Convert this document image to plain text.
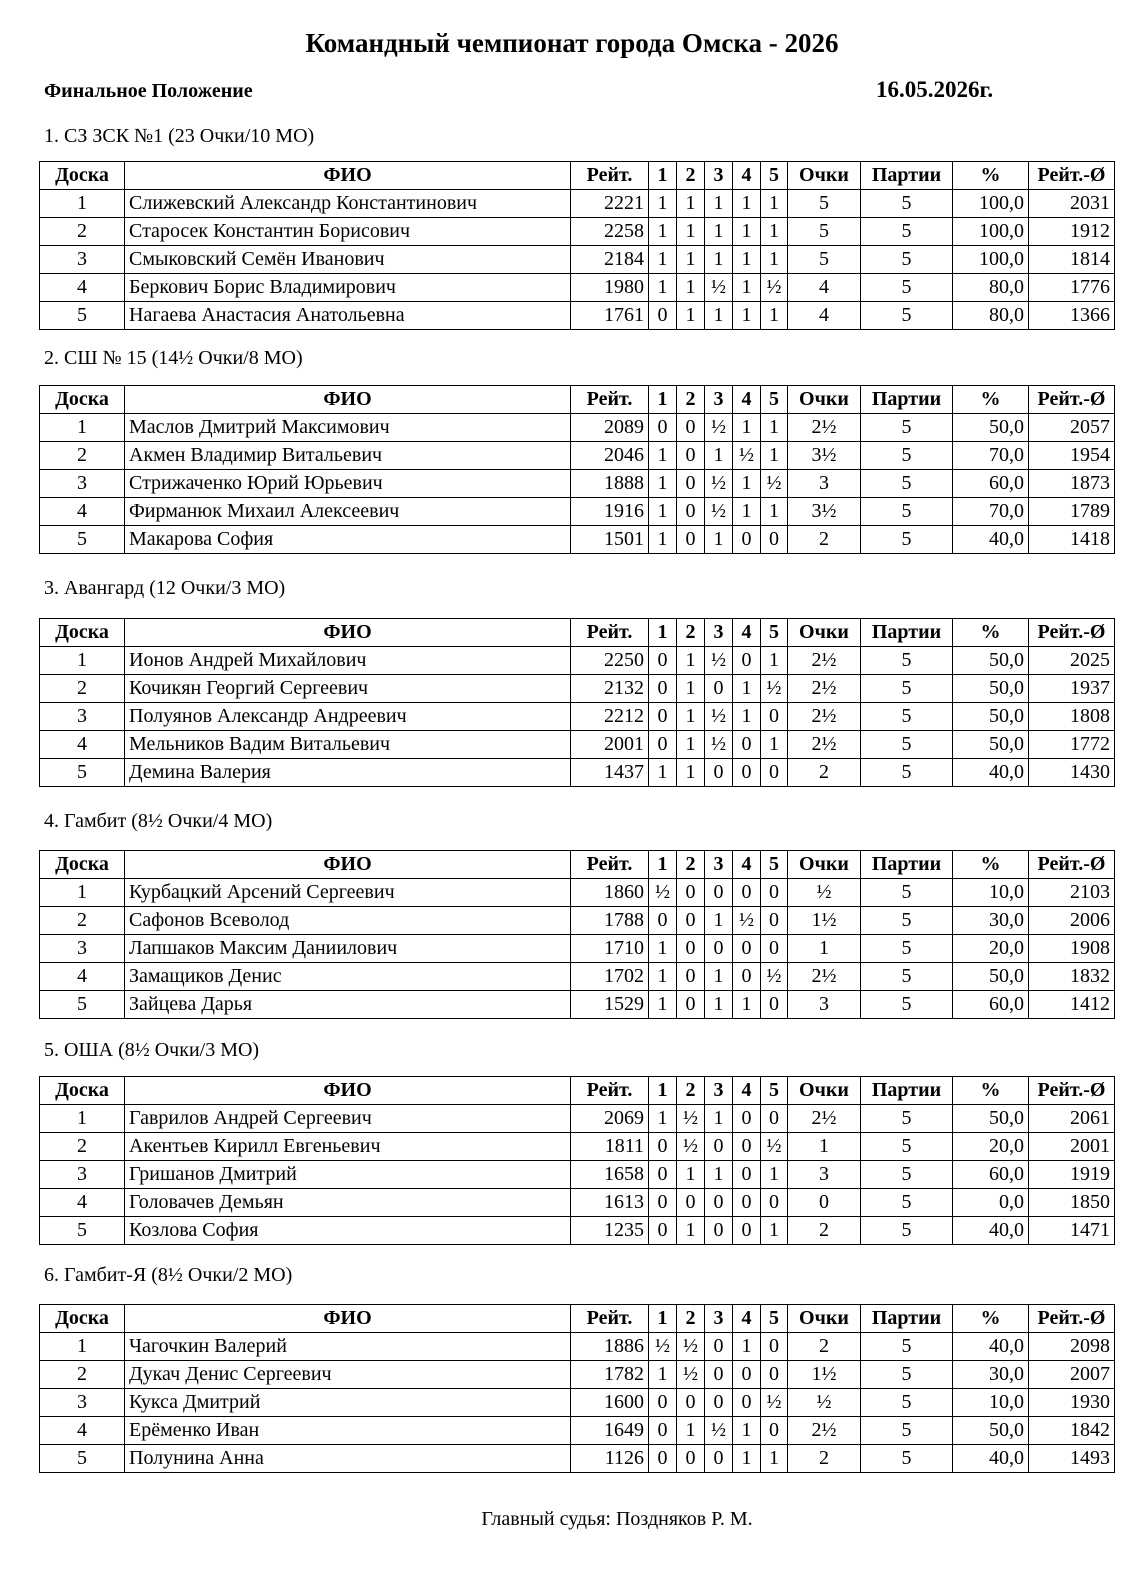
Командный чемпионат города Омска - 2026
Финальное Положение	16.05.2026г.
1. СЗ ЗСК №1 (23 Очки/10 МО)
Доска	ФИО	Рейт.	1	2	3	4	5	Очки	Партии	%	Рейт.-Ø
1	Слижевский Александр Константинович	2221	1	1	1	1	1	5	5	100,0	2031
2	Старосек Константин Борисович	2258	1	1	1	1	1	5	5	100,0	1912
3	Смыковский Семён Иванович	2184	1	1	1	1	1	5	5	100,0	1814
4	Беркович Борис Владимирович	1980	1	1	½	1	½	4	5	80,0	1776
5	Нагаева Анастасия Анатольевна	1761	0	1	1	1	1	4	5	80,0	1366
2. СШ № 15 (14½ Очки/8 МО)
Доска	ФИО	Рейт.	1	2	3	4	5	Очки	Партии	%	Рейт.-Ø
1	Маслов Дмитрий Максимович	2089	0	0	½	1	1	2½	5	50,0	2057
2	Акмен Владимир Витальевич	2046	1	0	1	½	1	3½	5	70,0	1954
3	Стрижаченко Юрий Юрьевич	1888	1	0	½	1	½	3	5	60,0	1873
4	Фирманюк Михаил Алексеевич	1916	1	0	½	1	1	3½	5	70,0	1789
5	Макарова София	1501	1	0	1	0	0	2	5	40,0	1418
3. Авангард (12 Очки/3 МО)
Доска	ФИО	Рейт.	1	2	3	4	5	Очки	Партии	%	Рейт.-Ø
1	Ионов Андрей Михайлович	2250	0	1	½	0	1	2½	5	50,0	2025
2	Кочикян Георгий Сергеевич	2132	0	1	0	1	½	2½	5	50,0	1937
3	Полуянов Александр Андреевич	2212	0	1	½	1	0	2½	5	50,0	1808
4	Мельников Вадим Витальевич	2001	0	1	½	0	1	2½	5	50,0	1772
5	Демина Валерия	1437	1	1	0	0	0	2	5	40,0	1430
4. Гамбит (8½ Очки/4 МО)
Доска	ФИО	Рейт.	1	2	3	4	5	Очки	Партии	%	Рейт.-Ø
1	Курбацкий Арсений Сергеевич	1860	½	0	0	0	0	½	5	10,0	2103
2	Сафонов Всеволод	1788	0	0	1	½	0	1½	5	30,0	2006
3	Лапшаков Максим Даниилович	1710	1	0	0	0	0	1	5	20,0	1908
4	Замащиков Денис	1702	1	0	1	0	½	2½	5	50,0	1832
5	Зайцева Дарья	1529	1	0	1	1	0	3	5	60,0	1412
5. ОША (8½ Очки/3 МО)
Доска	ФИО	Рейт.	1	2	3	4	5	Очки	Партии	%	Рейт.-Ø
1	Гаврилов Андрей Сергеевич	2069	1	½	1	0	0	2½	5	50,0	2061
2	Акентьев Кирилл Евгеньевич	1811	0	½	0	0	½	1	5	20,0	2001
3	Гришанов Дмитрий	1658	0	1	1	0	1	3	5	60,0	1919
4	Головачев Демьян	1613	0	0	0	0	0	0	5	0,0	1850
5	Козлова София	1235	0	1	0	0	1	2	5	40,0	1471
6. Гамбит-Я (8½ Очки/2 МО)
Доска	ФИО	Рейт.	1	2	3	4	5	Очки	Партии	%	Рейт.-Ø
1	Чагочкин Валерий	1886	½	½	0	1	0	2	5	40,0	2098
2	Дукач Денис Сергеевич	1782	1	½	0	0	0	1½	5	30,0	2007
3	Кукса Дмитрий	1600	0	0	0	0	½	½	5	10,0	1930
4	Ерёменко Иван	1649	0	1	½	1	0	2½	5	50,0	1842
5	Полунина Анна	1126	0	0	0	1	1	2	5	40,0	1493
Главный судья: Поздняков Р. М.
